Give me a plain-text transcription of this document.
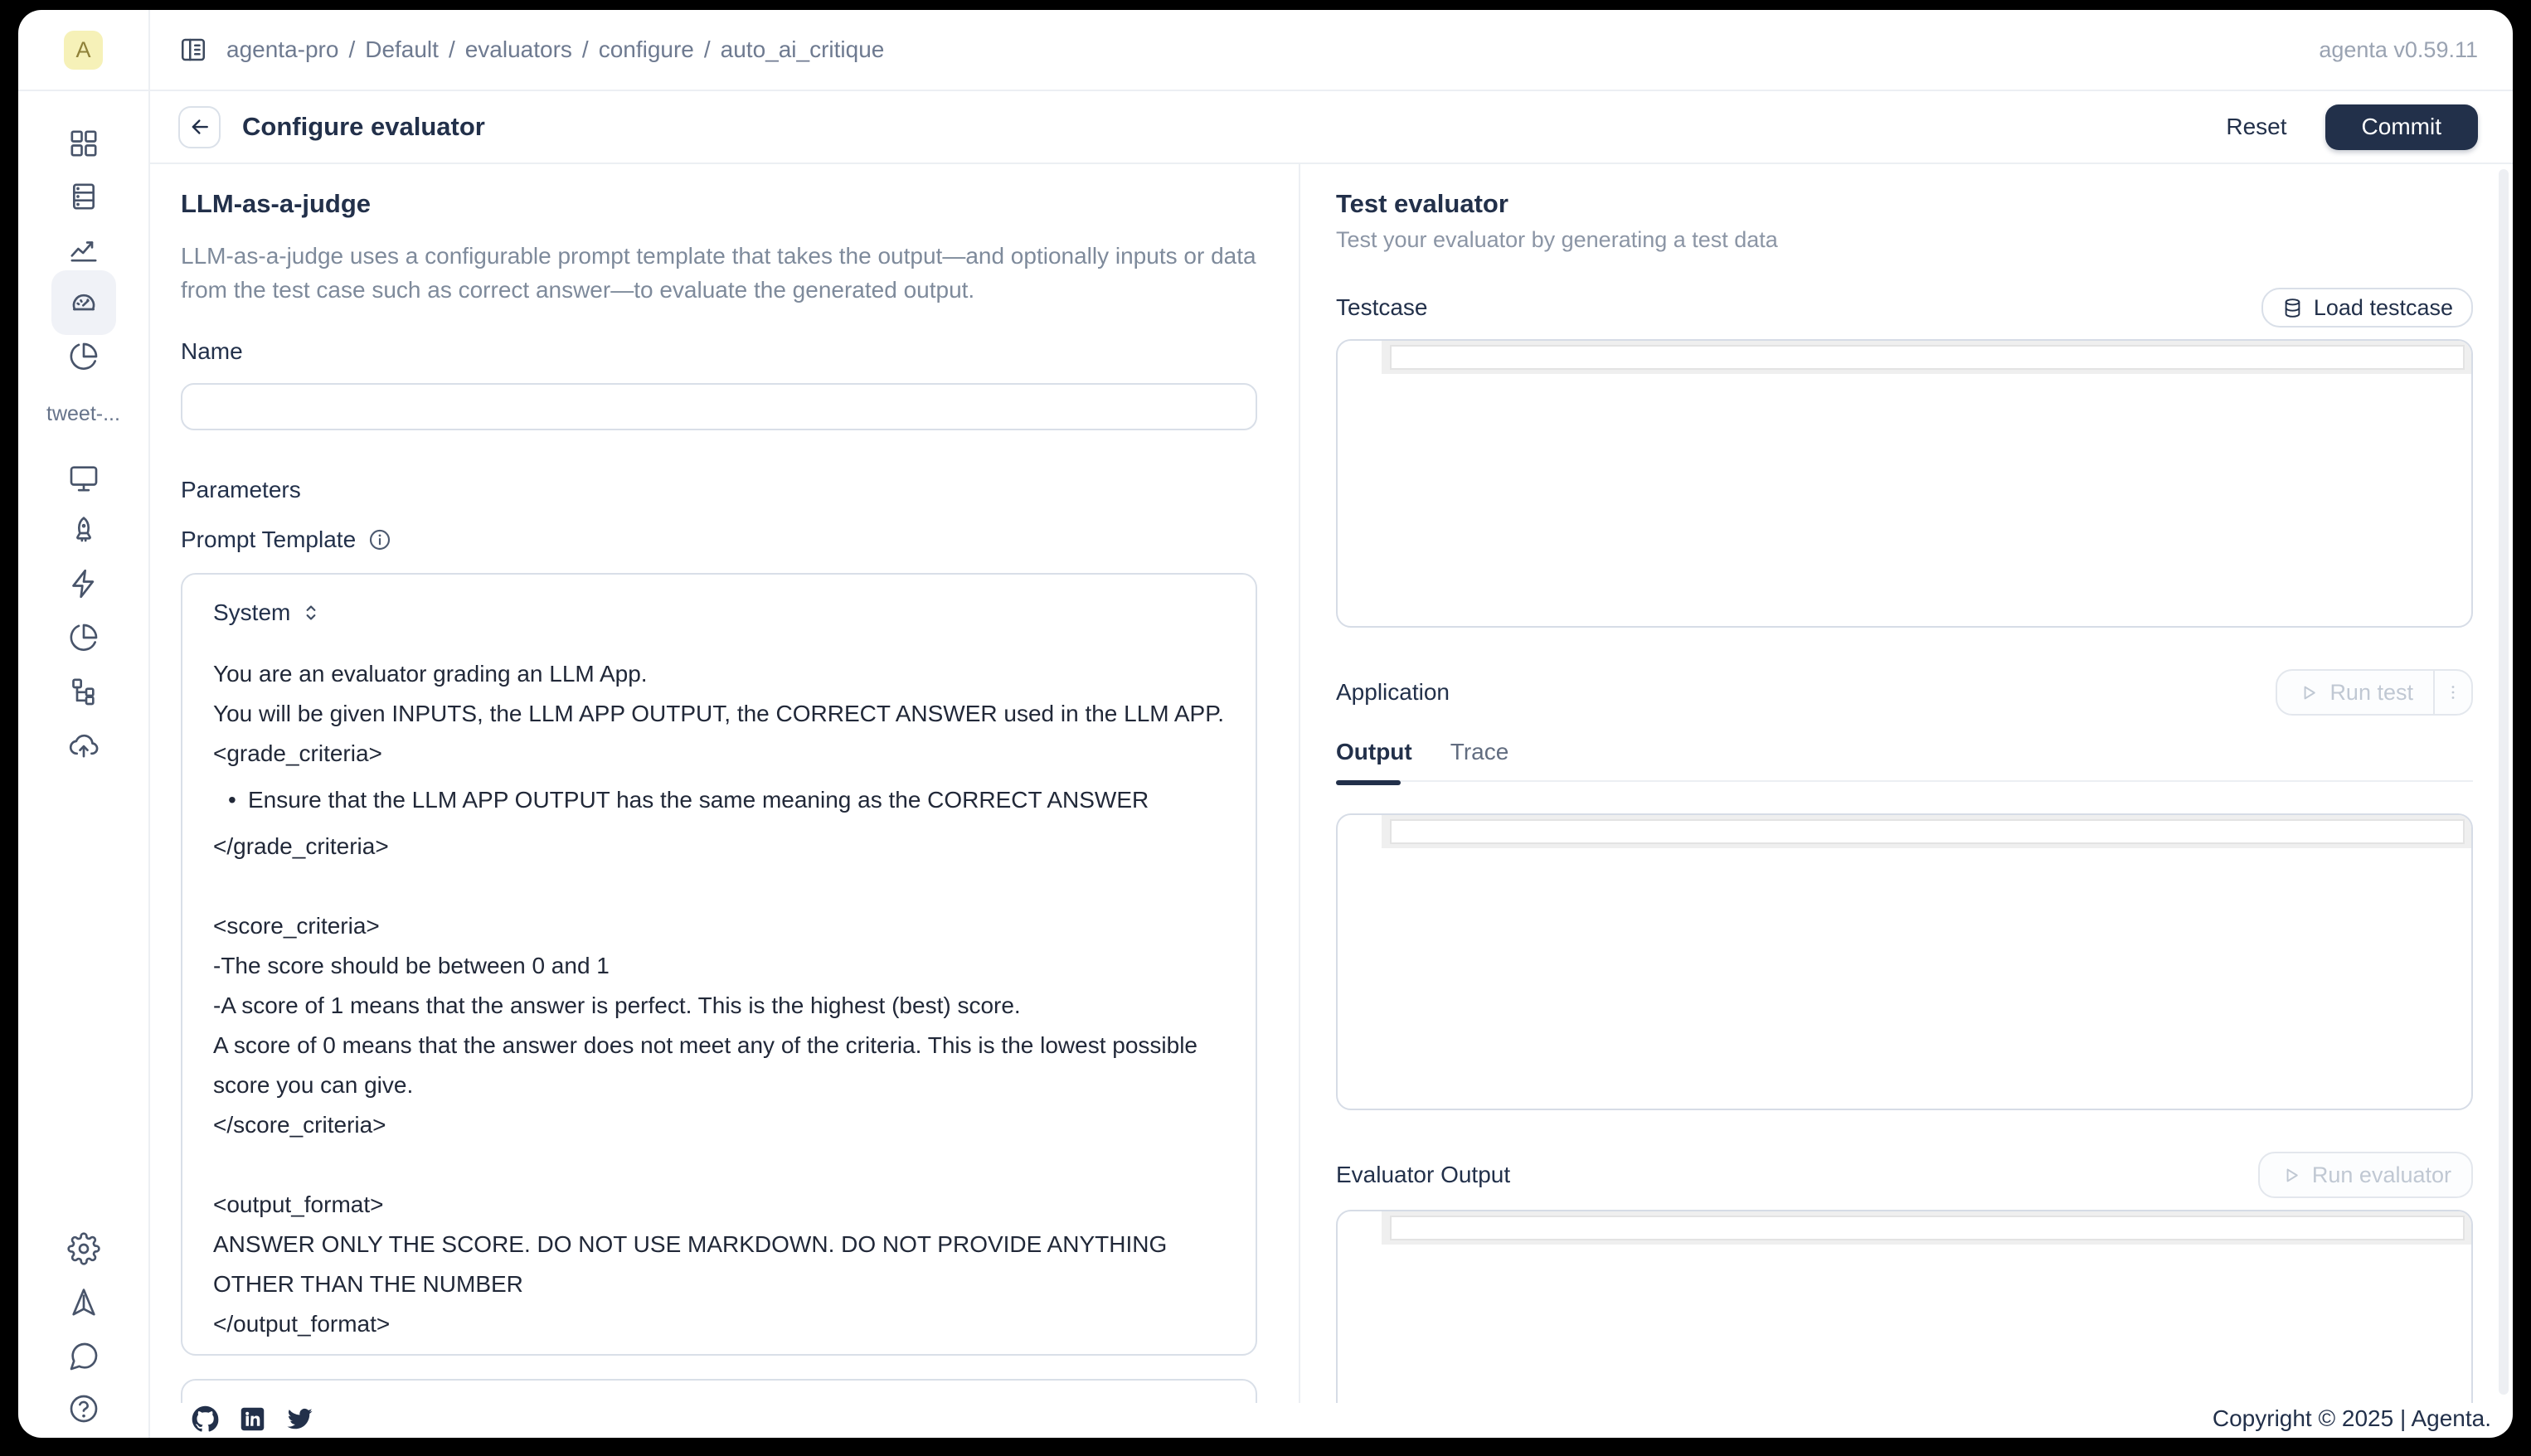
A
tweet-...
agenta-pro / Default / evaluators / configure / auto_ai_critique	agenta v0.59.11
Configure evaluator	Reset	Commit
LLM-as-a-judge

LLM-as-a-judge uses a configurable prompt template that takes the output—and optionally inputs or data from the test case such as correct answer—to evaluate the generated output.

Name
Parameters
Prompt Template
System
You are an evaluator grading an LLM App.
You will be given INPUTS, the LLM APP OUTPUT, the CORRECT ANSWER used in the LLM APP.
<grade_criteria>
• Ensure that the LLM APP OUTPUT has the same meaning as the CORRECT ANSWER
</grade_criteria>
<score_criteria>
-The score should be between 0 and 1
-A score of 1 means that the answer is perfect. This is the highest (best) score.
A score of 0 means that the answer does not meet any of the criteria. This is the lowest possible score you can give.
</score_criteria>
<output_format>
ANSWER ONLY THE SCORE. DO NOT USE MARKDOWN. DO NOT PROVIDE ANYTHING OTHER THAN THE NUMBER
</output_format>
Test evaluator

Test your evaluator by generating a test data

Testcase	Load testcase
Application	Run test
Output Trace
Evaluator Output	Run evaluator
Copyright © 2025 | Agenta.
